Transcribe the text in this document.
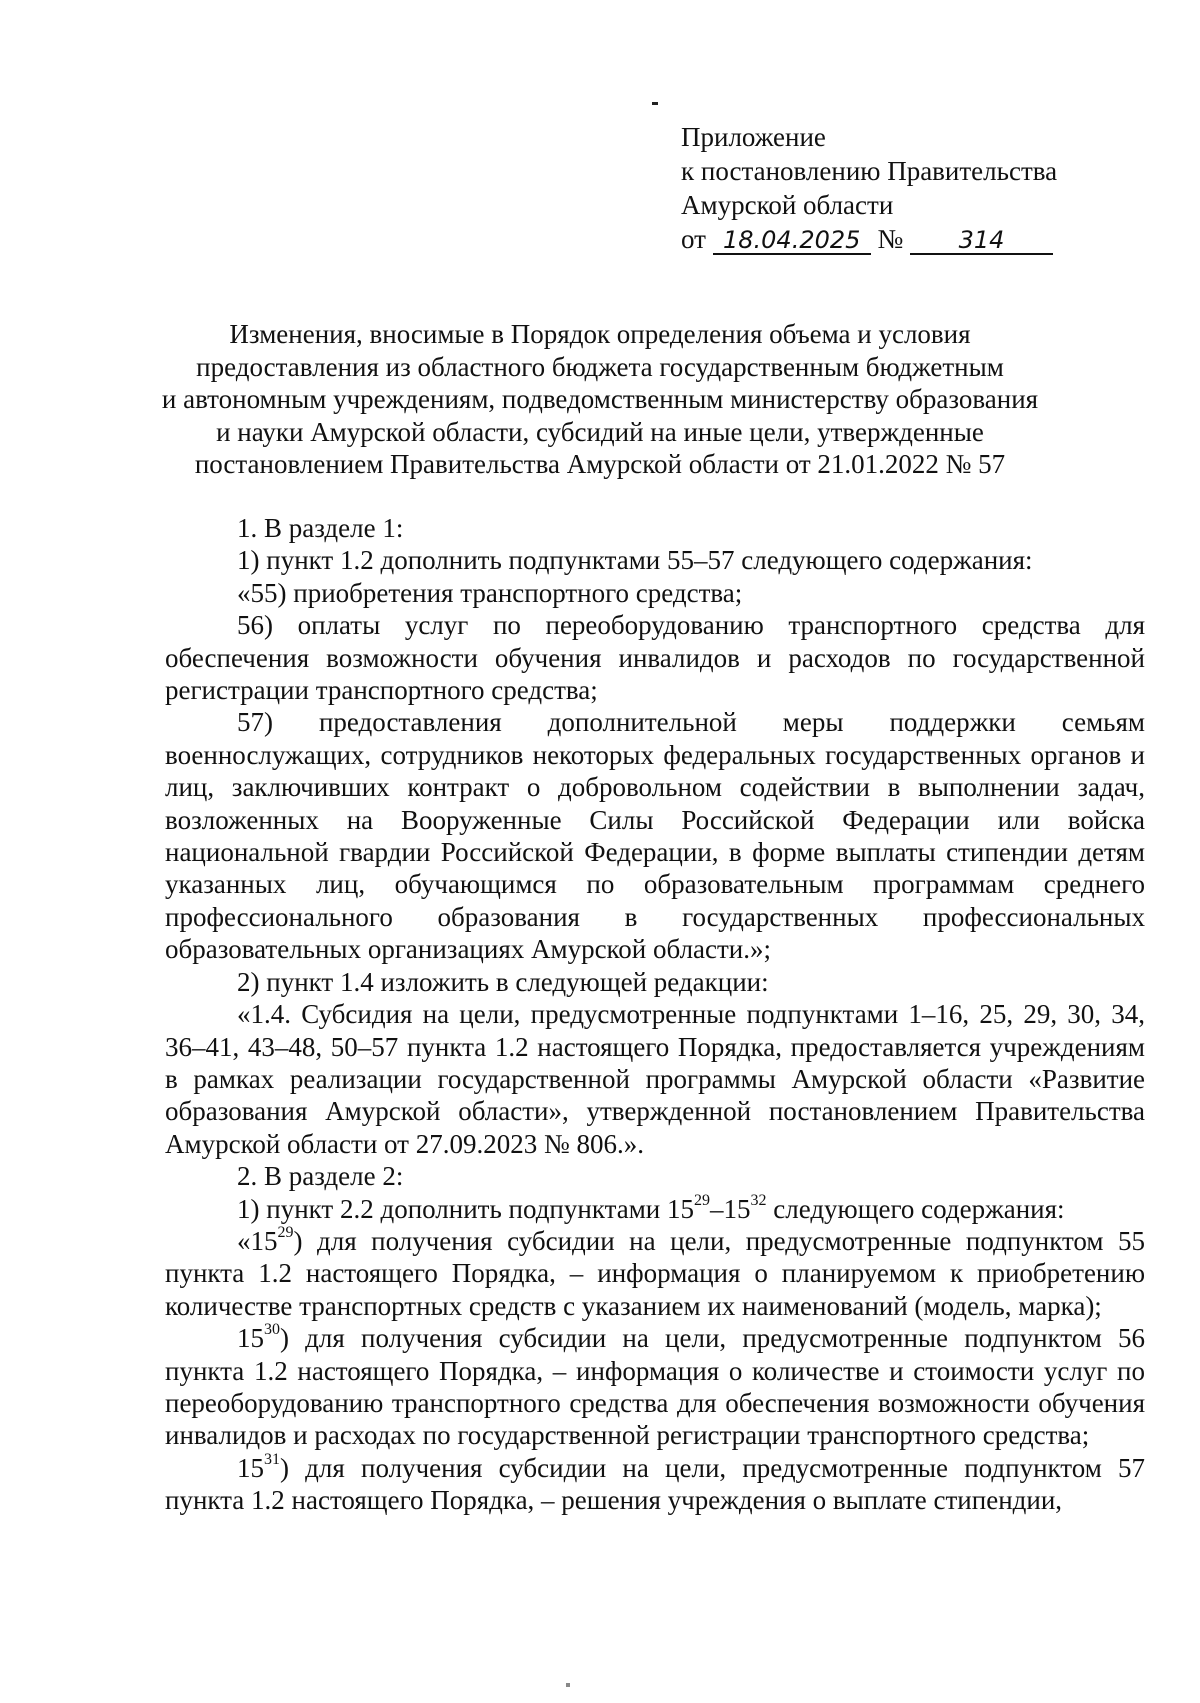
Приложение
к постановлению Правительства
Амурской области
от 18.04.2025 № 314
Изменения, вносимые в Порядок определения объема и условия
предоставления из областного бюджета государственным бюджетным
и автономным учреждениям, подведомственным министерству образования
и науки Амурской области, субсидий на иные цели, утвержденные
постановлением Правительства Амурской области от 21.01.2022 № 57

1. В разделе 1:

1) пункт 1.2 дополнить подпунктами 55–57 следующего содержания:

«55) приобретения транспортного средства;

56) оплаты услуг по переоборудованию транспортного средства для обеспечения возможности обучения инвалидов и расходов по государственной регистрации транспортного средства;

57) предоставления дополнительной меры поддержки семьям военнослужащих, сотрудников некоторых федеральных государственных органов и лиц, заключивших контракт о добровольном содействии в выполнении задач, возложенных на Вооруженные Силы Российской Федерации или войска национальной гвардии Российской Федерации, в форме выплаты стипендии детям указанных лиц, обучающимся по образовательным программам среднего профессионального образования в государственных профессиональных образовательных организациях Амурской области.»;

2) пункт 1.4 изложить в следующей редакции:

«1.4. Субсидия на цели, предусмотренные подпунктами 1–16, 25, 29, 30, 34, 36–41, 43–48, 50–57 пункта 1.2 настоящего Порядка, предоставляется учреждениям в рамках реализации государственной программы Амурской области «Развитие образования Амурской области», утвержденной постановлением Правительства Амурской области от 27.09.2023 № 806.».

2. В разделе 2:

1) пункт 2.2 дополнить подпунктами $15^{29}-15^{32}$ следующего содержания:

«$15^{29}$) для получения субсидии на цели, предусмотренные подпунктом 55 пункта 1.2 настоящего Порядка, – информация о планируемом к приобретению количестве транспортных средств с указанием их наименований (модель, марка);

$15^{30}$) для получения субсидии на цели, предусмотренные подпунктом 56 пункта 1.2 настоящего Порядка, – информация о количестве и стоимости услуг по переоборудованию транспортного средства для обеспечения возможности обучения инвалидов и расходах по государственной регистрации транспортного средства;

$15^{31}$) для получения субсидии на цели, предусмотренные подпунктом 57 пункта 1.2 настоящего Порядка, – решения учреждения о выплате стипендии,
